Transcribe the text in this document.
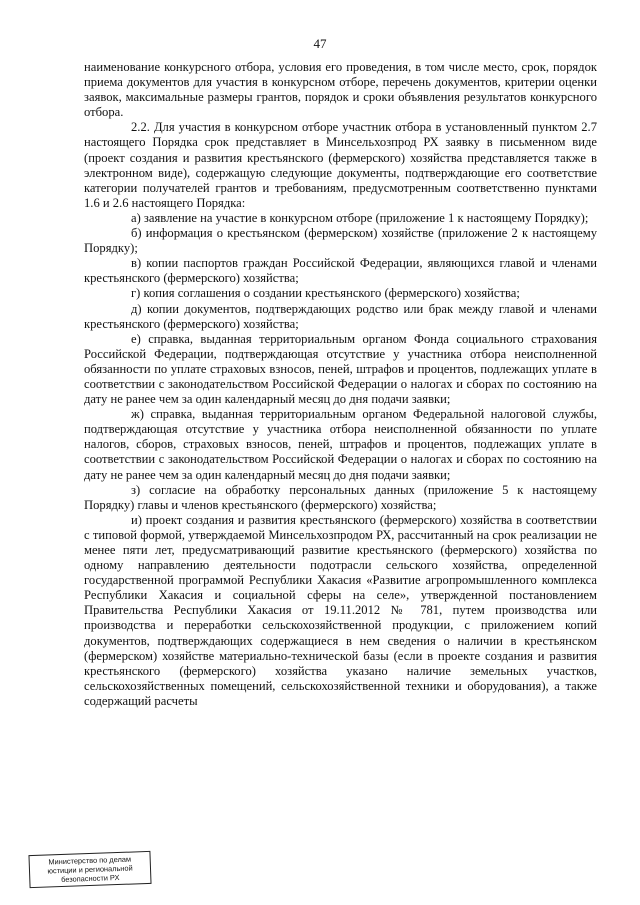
47

наименование конкурсного отбора, условия его проведения, в том числе место, срок, порядок приема документов для участия в конкурсном отборе, перечень документов, критерии оценки заявок, максимальные размеры грантов, порядок и сроки объявления результатов конкурсного отбора.

2.2. Для участия в конкурсном отборе участник отбора в установленный пунктом 2.7 настоящего Порядка срок представляет в Минсельхозпрод РХ заявку в письменном виде (проект создания и развития крестьянского (фермерского) хозяйства представляется также в электронном виде), содержащую следующие документы, подтверждающие его соответствие категории получателей грантов и требованиям, предусмотренным соответственно пунктами 1.6 и 2.6 настоящего Порядка:

а) заявление на участие в конкурсном отборе (приложение 1 к настоящему Порядку);

б) информация о крестьянском (фермерском) хозяйстве (приложение 2 к настоящему Порядку);

в) копии паспортов граждан Российской Федерации, являющихся главой и членами крестьянского (фермерского) хозяйства;

г) копия соглашения о создании крестьянского (фермерского) хозяйства;

д) копии документов, подтверждающих родство или брак между главой и членами крестьянского (фермерского) хозяйства;

е) справка, выданная территориальным органом Фонда социального страхования Российской Федерации, подтверждающая отсутствие у участника отбора неисполненной обязанности по уплате страховых взносов, пеней, штрафов и процентов, подлежащих уплате в соответствии с законодательством Российской Федерации о налогах и сборах по состоянию на дату не ранее чем за один календарный месяц до дня подачи заявки;

ж) справка, выданная территориальным органом Федеральной налоговой службы, подтверждающая отсутствие у участника отбора неисполненной обязанности по уплате налогов, сборов, страховых взносов, пеней, штрафов и процентов, подлежащих уплате в соответствии с законодательством Российской Федерации о налогах и сборах по состоянию на дату не ранее чем за один календарный месяц до дня подачи заявки;

з) согласие на обработку персональных данных (приложение 5 к настоящему Порядку) главы и членов крестьянского (фермерского) хозяйства;

и) проект создания и развития крестьянского (фермерского) хозяйства в соответствии с типовой формой, утверждаемой Минсельхозпродом РХ, рассчитанный на срок реализации не менее пяти лет, предусматривающий развитие крестьянского (фермерского) хозяйства по одному направлению деятельности подотрасли сельского хозяйства, определенной государственной программой Республики Хакасия «Развитие агропромышленного комплекса Республики Хакасия и социальной сферы на селе», утвержденной постановлением Правительства Республики Хакасия от 19.11.2012 № 781, путем производства или производства и переработки сельскохозяйственной продукции, с приложением копий документов, подтверждающих содержащиеся в нем сведения о наличии в крестьянском (фермерском) хозяйстве материально-технической базы (если в проекте создания и развития крестьянского (фермерского) хозяйства указано наличие земельных участков, сельскохозяйственных помещений, сельскохозяйственной техники и оборудования), а также содержащий расчеты

Министерство по делам
юстиции и региональной
безопасности РХ
